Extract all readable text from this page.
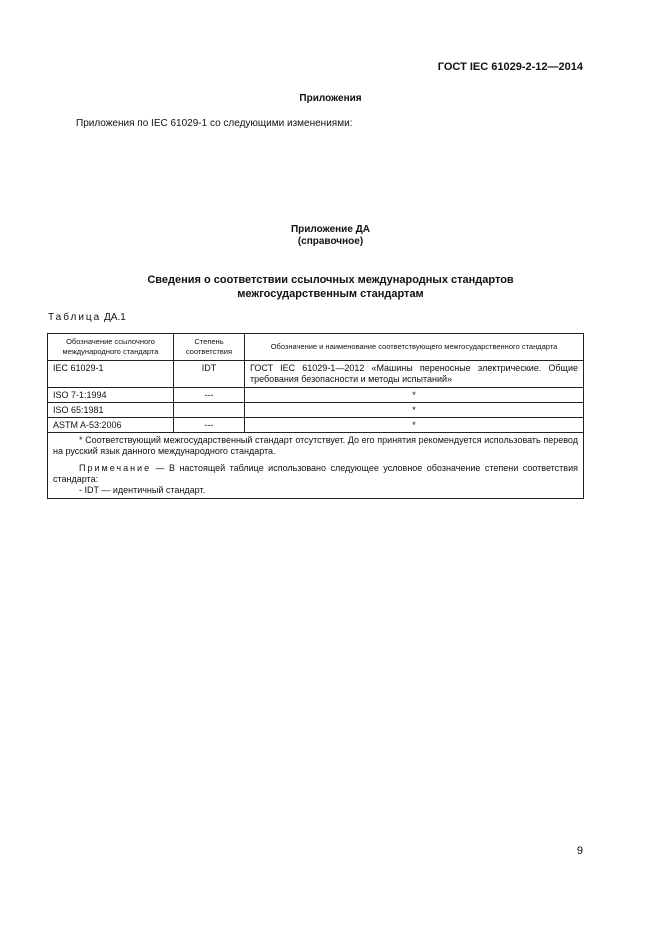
ГОСТ IEC 61029-2-12—2014
Приложения
Приложения по IEC 61029-1 со следующими изменениями:
Приложение ДА
(справочное)
Сведения о соответствии ссылочных международных стандартов
межгосударственным стандартам
Таблица ДА.1
Обозначение ссылочного международного стандарта	Степень соответствия	Обозначение и наименование соответствующего межгосударственного стандарта
IEC 61029-1	IDT	ГОСТ IEC 61029-1—2012 «Машины переносные электрические. Общие требования безопасности и методы испытаний»
ISO 7-1:1994	---	*
ISO 65:1981		*
ASTM A-53:2006	---	*

* Соответствующий межгосударственный стандарт отсутствует. До его принятия рекомендуется использовать перевод на русский язык данного международного стандарта.

Примечание — В настоящей таблице использовано следующее условное обозначение степени соответствия стандарта:

- IDT — идентичный стандарт.		

9
